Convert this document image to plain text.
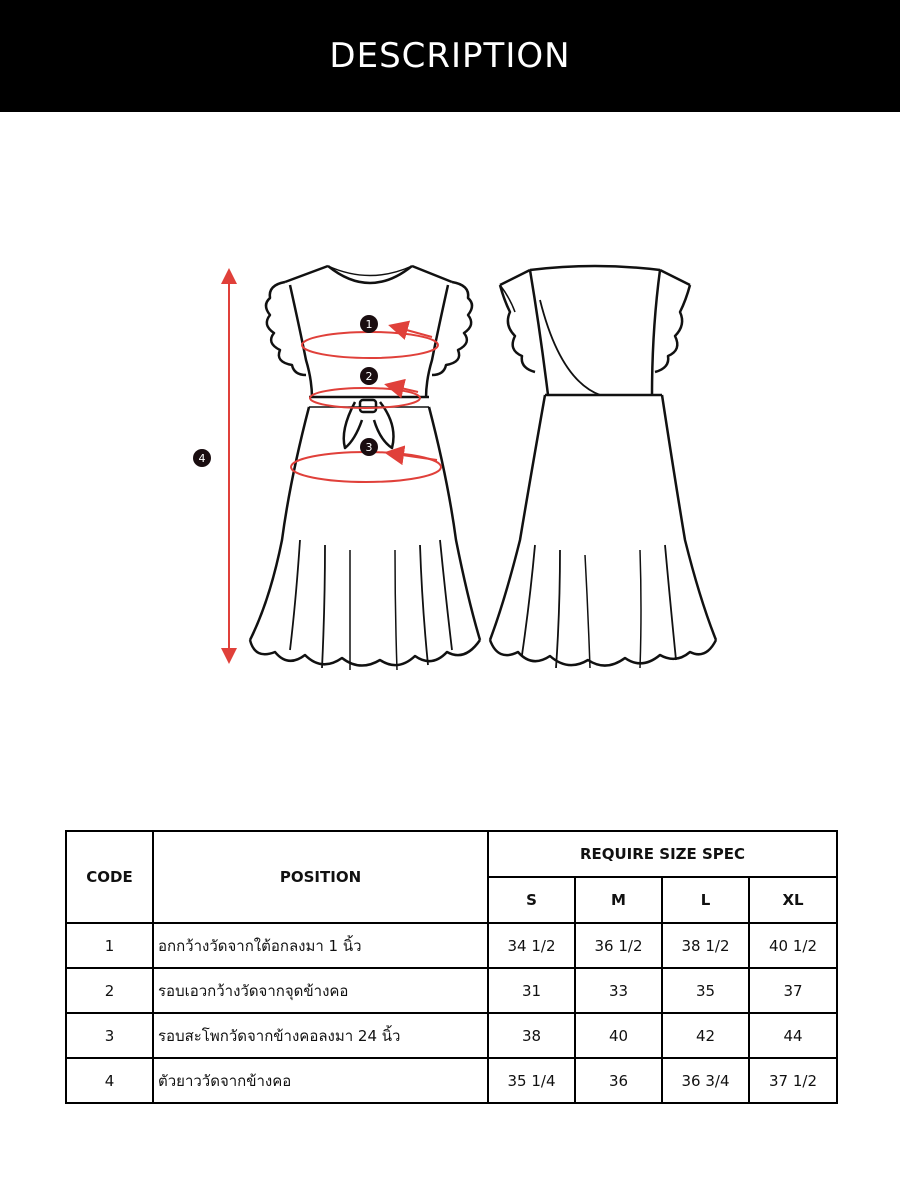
DESCRIPTION
1
2
3
4
CODE	POSITION	REQUIRE SIZE SPEC			
		S	M	L	XL
1	อกกว้างวัดจากใต้อกลงมา 1 นิ้ว	34 1/2	36 1/2	38 1/2	40 1/2
2	รอบเอวกว้างวัดจากจุดข้างคอ	31	33	35	37
3	รอบสะโพกวัดจากข้างคอลงมา 24 นิ้ว	38	40	42	44
4	ตัวยาววัดจากข้างคอ	35 1/4	36	36 3/4	37 1/2
